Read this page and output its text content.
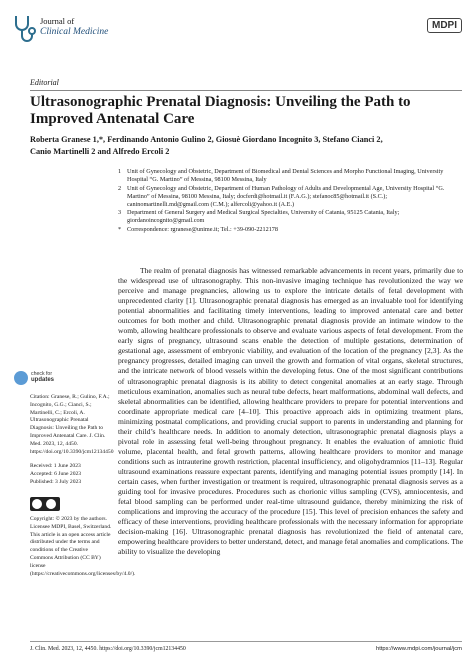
Journal of
Clinical Medicine
MDPI
Editorial
Ultrasonographic Prenatal Diagnosis: Unveiling the Path to Improved Antenatal Care
Roberta Granese 1,*, Ferdinando Antonio Gulino 2, Giosuè Giordano Incognito 3, Stefano Cianci 2,
Canio Martinelli 2 and Alfredo Ercoli 2
1 Unit of Gynecology and Obstetric, Department of Biomedical and Dental Sciences and Morpho Functional Imaging, University Hospital “G. Martino” of Messina, 98100 Messina, Italy
2 Unit of Gynecology and Obstetric, Department of Human Pathology of Adults and Developmental Age, University Hospital “G. Martino” of Messina, 98100 Messina, Italy; docferdi@hotmail.it (F.A.G.); stefanoc85@hotmail.it (S.C.); caninomartinelli.md@gmail.com (C.M.); alfercoli@yahoo.it (A.E.)
3 Department of General Surgery and Medical Surgical Specialties, University of Catania, 95125 Catania, Italy; giordanoincognito@gmail.com
* Correspondence: rgranese@unime.it; Tel.: +39-090-2212178

The realm of prenatal diagnosis has witnessed remarkable advancements in recent years, primarily due to the widespread use of ultrasonography. This non-invasive imaging technique has revolutionized the way we perceive and manage pregnancies, allowing us to explore the intricate details of fetal development with unprecedented clarity [1]. Ultrasonographic prenatal diagnosis has emerged as an invaluable tool for identifying potential abnormalities and facilitating timely interventions, leading to improved antenatal care and better outcomes for both mother and child. Ultrasonographic prenatal diagnosis provide an intimate window to the womb, allowing healthcare professionals to observe and evaluate various aspects of fetal development. From the early signs of pregnancy, ultrasound scans enable the detection of multiple gestations, determination of gestational age, assessment of embryonic viability, and evaluation of the location of the pregnancy [2,3]. As the pregnancy progresses, detailed imaging can unveil the growth and formation of vital organs, skeletal structures, and the intricate network of blood vessels within the developing fetus. One of the most significant contributions of ultrasonographic prenatal diagnosis is its ability to detect congenital anomalies at an early stage. Through meticulous examination, anomalies such as neural tube defects, heart malformations, abdominal wall defects, and skeletal abnormalities can be identified, allowing healthcare providers to prepare for potential interventions and coordinate appropriate medical care [4–10]. This proactive approach aids in optimizing treatment plans, minimizing postnatal complications, and providing crucial support to parents in understanding and planning for their child’s healthcare needs. In addition to anomaly detection, ultrasonographic prenatal diagnosis plays a pivotal role in assessing fetal well-being throughout pregnancy. It enables the evaluation of amniotic fluid volume, placental health, and fetal growth patterns, allowing healthcare providers to monitor and manage conditions such as intrauterine growth restriction, placental insufficiency, and oligohydramnios [11–13]. Regular ultrasound examinations reassure expectant parents, identifying and managing potential issues promptly [14]. In certain cases, when further investigation or treatment is required, ultrasonographic prenatal diagnosis serves as a guiding tool for invasive procedures. Procedures such as chorionic villus sampling (CVS), amniocentesis, and fetal blood sampling can be performed under real-time ultrasound guidance, thereby minimizing the risk of complications and improving the accuracy of the procedure [15]. This level of precision enhances the safety and efficacy of these interventions, providing healthcare professionals with the necessary information for appropriate decision-making [16]. Ultrasonographic prenatal diagnosis has revolutionized the field of antenatal care, empowering healthcare providers to better understand, detect, and manage fetal anomalies and complications. The ability to visualize the developing

check for
updates
Citation: Granese, R.; Gulino, F.A.; Incognito, G.G.; Cianci, S.; Martinelli, C.; Ercoli, A. Ultrasonographic Prenatal Diagnosis: Unveiling the Path to Improved Antenatal Care. J. Clin. Med. 2023, 12, 4450. https://doi.org/10.3390/jcm12134450
Received: 1 June 2023
Accepted: 6 June 2023
Published: 3 July 2023
Copyright: © 2023 by the authors. Licensee MDPI, Basel, Switzerland. This article is an open access article distributed under the terms and conditions of the Creative Commons Attribution (CC BY) license (https://creativecommons.org/licenses/by/4.0/).
J. Clin. Med. 2023, 12, 4450. https://doi.org/10.3390/jcm12134450	https://www.mdpi.com/journal/jcm
